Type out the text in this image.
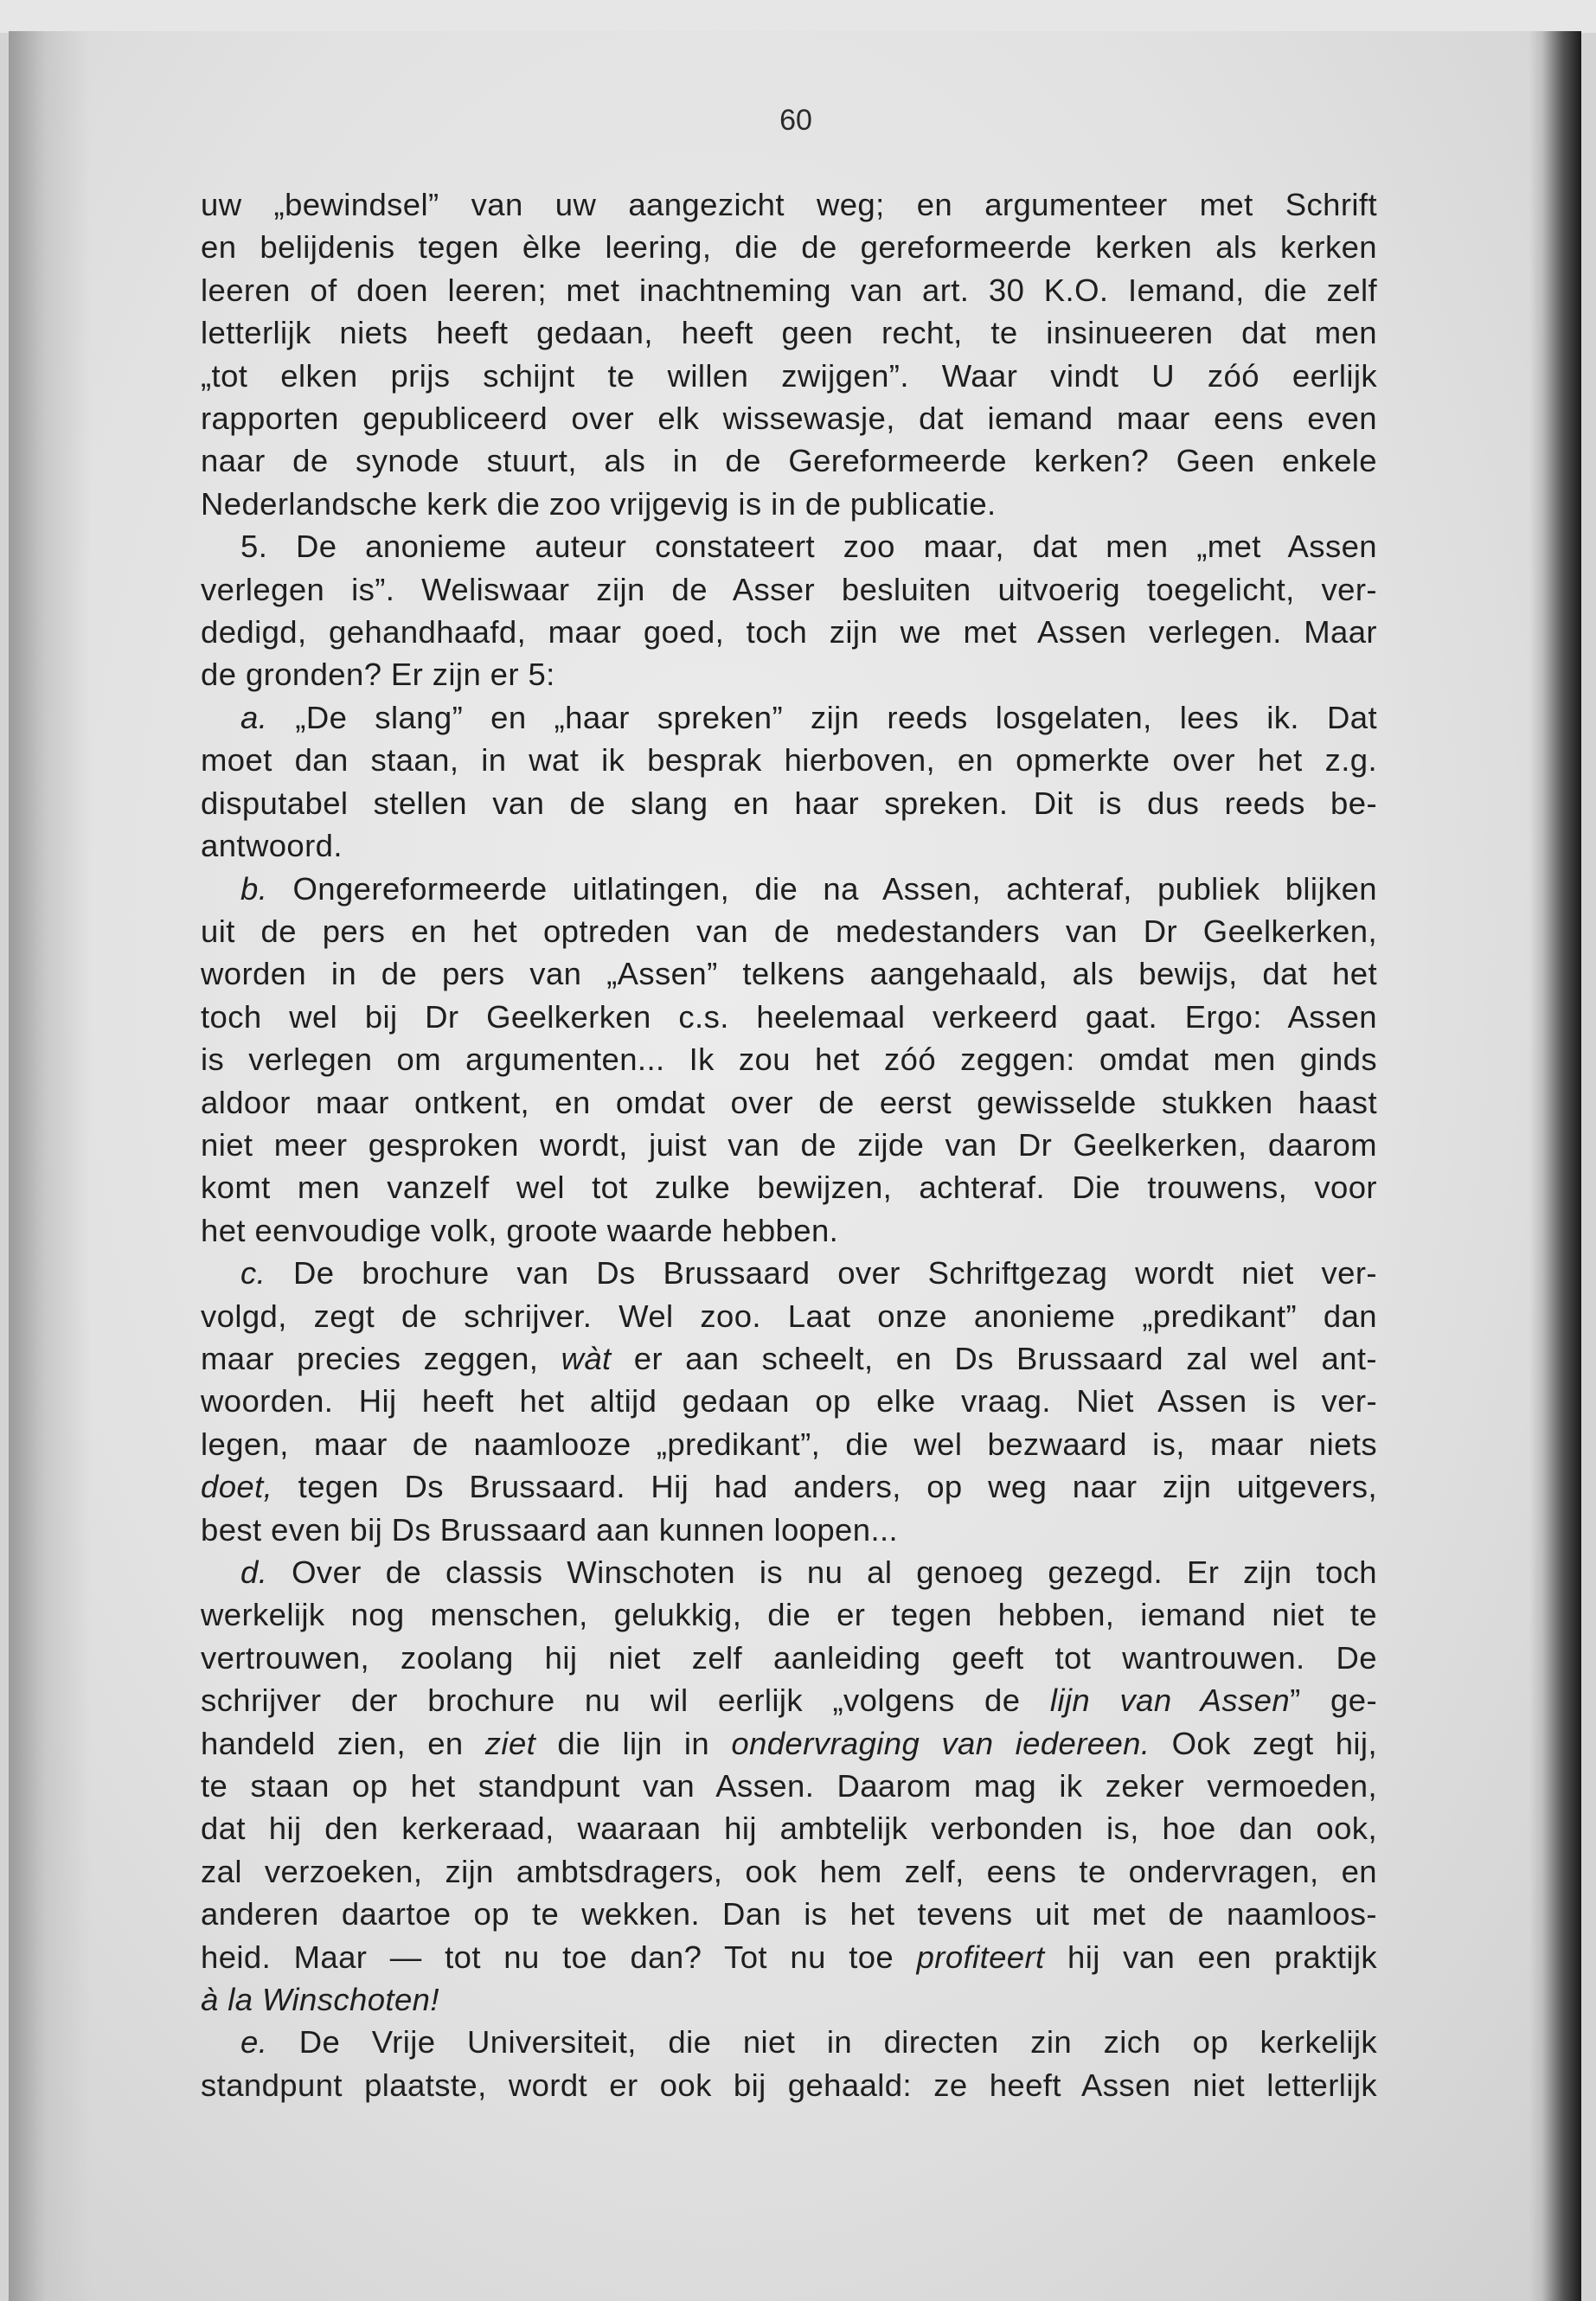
60
uw „bewindsel” van uw aangezicht weg; en argumenteer met Schrift
en belijdenis tegen èlke leering, die de gereformeerde kerken als kerken
leeren of doen leeren; met inachtneming van art. 30 K.O. Iemand, die zelf
letterlijk niets heeft gedaan, heeft geen recht, te insinueeren dat men
„tot elken prijs schijnt te willen zwijgen”. Waar vindt U zóó eerlijk
rapporten gepubliceerd over elk wissewasje, dat iemand maar eens even
naar de synode stuurt, als in de Gereformeerde kerken? Geen enkele
Nederlandsche kerk die zoo vrijgevig is in de publicatie.
5. De anonieme auteur constateert zoo maar, dat men „met Assen
verlegen is”. Weliswaar zijn de Asser besluiten uitvoerig toegelicht, ver-
dedigd, gehandhaafd, maar goed, toch zijn we met Assen verlegen. Maar
de gronden? Er zijn er 5:
a. „De slang” en „haar spreken” zijn reeds losgelaten, lees ik. Dat
moet dan staan, in wat ik besprak hierboven, en opmerkte over het z.g.
disputabel stellen van de slang en haar spreken. Dit is dus reeds be-
antwoord.
b. Ongereformeerde uitlatingen, die na Assen, achteraf, publiek blijken
uit de pers en het optreden van de medestanders van Dr Geelkerken,
worden in de pers van „Assen” telkens aangehaald, als bewijs, dat het
toch wel bij Dr Geelkerken c.s. heelemaal verkeerd gaat. Ergo: Assen
is verlegen om argumenten... Ik zou het zóó zeggen: omdat men ginds
aldoor maar ontkent, en omdat over de eerst gewisselde stukken haast
niet meer gesproken wordt, juist van de zijde van Dr Geelkerken, daarom
komt men vanzelf wel tot zulke bewijzen, achteraf. Die trouwens, voor
het eenvoudige volk, groote waarde hebben.
c. De brochure van Ds Brussaard over Schriftgezag wordt niet ver-
volgd, zegt de schrijver. Wel zoo. Laat onze anonieme „predikant” dan
maar precies zeggen, wàt er aan scheelt, en Ds Brussaard zal wel ant-
woorden. Hij heeft het altijd gedaan op elke vraag. Niet Assen is ver-
legen, maar de naamlooze „predikant”, die wel bezwaard is, maar niets
doet, tegen Ds Brussaard. Hij had anders, op weg naar zijn uitgevers,
best even bij Ds Brussaard aan kunnen loopen...
d. Over de classis Winschoten is nu al genoeg gezegd. Er zijn toch
werkelijk nog menschen, gelukkig, die er tegen hebben, iemand niet te
vertrouwen, zoolang hij niet zelf aanleiding geeft tot wantrouwen. De
schrijver der brochure nu wil eerlijk „volgens de lijn van Assen” ge-
handeld zien, en ziet die lijn in ondervraging van iedereen. Ook zegt hij,
te staan op het standpunt van Assen. Daarom mag ik zeker vermoeden,
dat hij den kerkeraad, waaraan hij ambtelijk verbonden is, hoe dan ook,
zal verzoeken, zijn ambtsdragers, ook hem zelf, eens te ondervragen, en
anderen daartoe op te wekken. Dan is het tevens uit met de naamloos-
heid. Maar — tot nu toe dan? Tot nu toe profiteert hij van een praktijk
à la Winschoten!
e. De Vrije Universiteit, die niet in directen zin zich op kerkelijk
standpunt plaatste, wordt er ook bij gehaald: ze heeft Assen niet letterlijk
